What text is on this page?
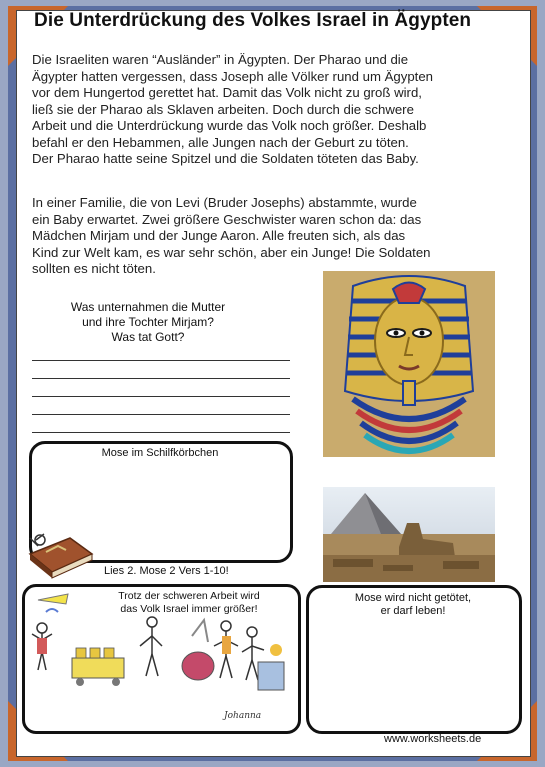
Die Unterdrückung des Volkes Israel in Ägypten
Die Israeliten waren “Ausländer” in Ägypten. Der Pharao und die
Ägypter hatten vergessen, dass Joseph alle Völker rund um Ägypten
vor dem Hungertod gerettet hat. Damit das Volk nicht zu groß wird,
ließ sie der Pharao als Sklaven arbeiten. Doch durch die schwere
Arbeit und die Unterdrückung wurde das Volk noch größer. Deshalb
befahl er den Hebammen, alle Jungen nach der Geburt zu töten.
Der Pharao hatte seine Spitzel und die Soldaten töteten das Baby.
In einer Familie, die von Levi (Bruder Josephs) abstammte, wurde
ein Baby erwartet. Zwei größere Geschwister waren schon da: das
Mädchen Mirjam und der Junge Aaron. Alle freuten sich, als das
Kind zur Welt kam, es war sehr schön, aber ein Junge! Die Soldaten
sollten es nicht töten.
Was unternahmen die Mutter
und ihre Tochter Mirjam?
Was tat Gott?
Mose im Schilfkörbchen
Lies 2. Mose 2 Vers 1-10!
Trotz der schweren Arbeit wird
das Volk Israel immer größer!
Johanna
Mose wird nicht getötet,
er darf leben!
www.worksheets.de
